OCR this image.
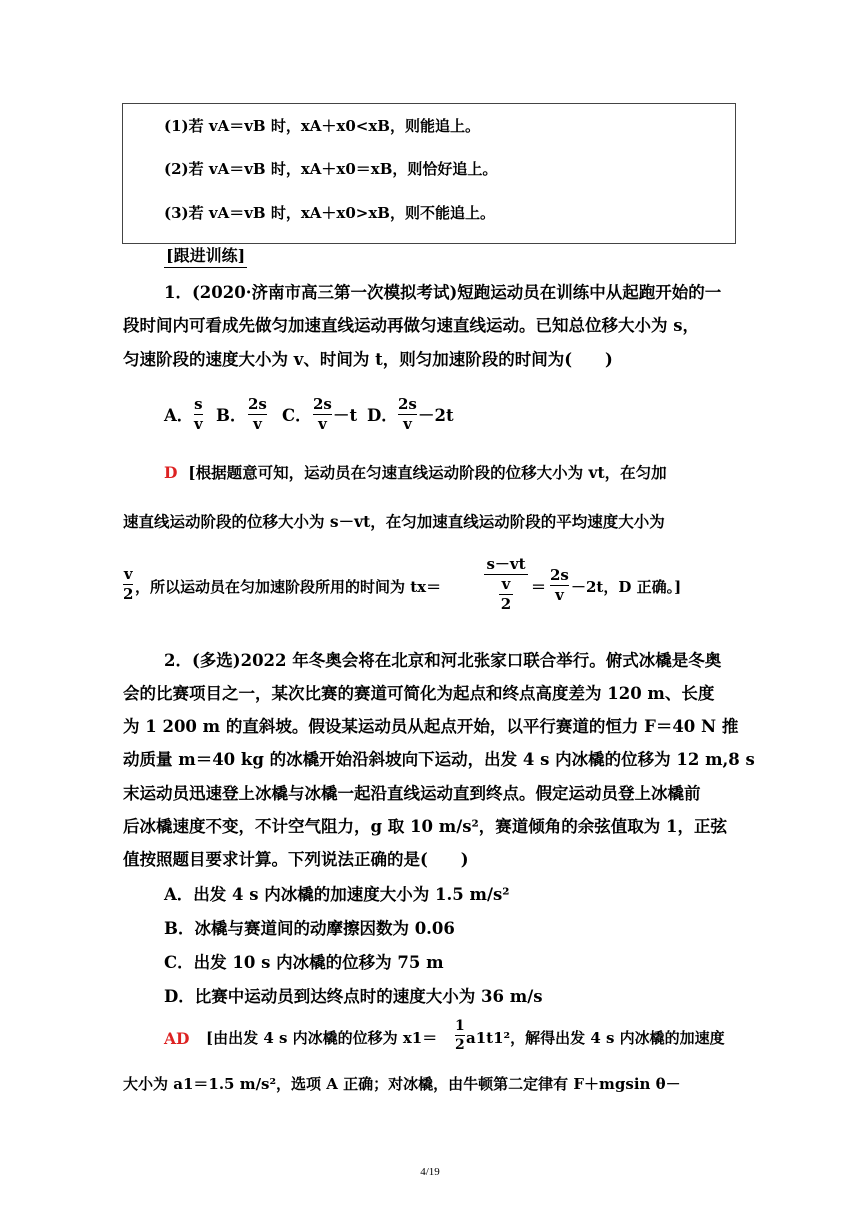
(1)若 vA＝vB 时，xA＋x0<xB，则能追上。
(2)若 vA＝vB 时，xA＋x0＝xB，则恰好追上。
(3)若 vA＝vB 时，xA＋x0>xB，则不能追上。
[跟进训练]
1．(2020·济南市高三第一次模拟考试)短跑运动员在训练中从起跑开始的一
段时间内可看成先做匀加速直线运动再做匀速直线运动。已知总位移大小为 s，
匀速阶段的速度大小为 v、时间为 t，则匀加速阶段的时间为(　　)
A．
s
v B．
2s
v C．
2s
v －t D．
2s
v －2t
D [根据题意可知，运动员在匀速直线运动阶段的位移大小为 vt，在匀加
速直线运动阶段的位移大小为 s－vt，在匀加速直线运动阶段的平均速度大小为
v
2 ，所以运动员在匀加速阶段所用的时间为 tx＝
s－vt
v
2
＝
2s
v －2t，D 正确。]
2．(多选)2022 年冬奥会将在北京和河北张家口联合举行。俯式冰橇是冬奥
会的比赛项目之一，某次比赛的赛道可简化为起点和终点高度差为 120 m、长度
为 1 200 m 的直斜坡。假设某运动员从起点开始，以平行赛道的恒力 F＝40 N 推
动质量 m＝40 kg 的冰橇开始沿斜坡向下运动，出发 4 s 内冰橇的位移为 12 m,8 s
末运动员迅速登上冰橇与冰橇一起沿直线运动直到终点。假定运动员登上冰橇前
后冰橇速度不变，不计空气阻力，g 取 10 m/s²，赛道倾角的余弦值取为 1，正弦
值按照题目要求计算。下列说法正确的是(　　)
A．出发 4 s 内冰橇的加速度大小为 1.5 m/s²
B．冰橇与赛道间的动摩擦因数为 0.06
C．出发 10 s 内冰橇的位移为 75 m
D．比赛中运动员到达终点时的速度大小为 36 m/s
AD [由出发 4 s 内冰橇的位移为 x1＝
1
2 a1t1²，解得出发 4 s 内冰橇的加速度
大小为 a1＝1.5 m/s²，选项 A 正确；对冰橇，由牛顿第二定律有 F＋mgsin θ－
4/19
